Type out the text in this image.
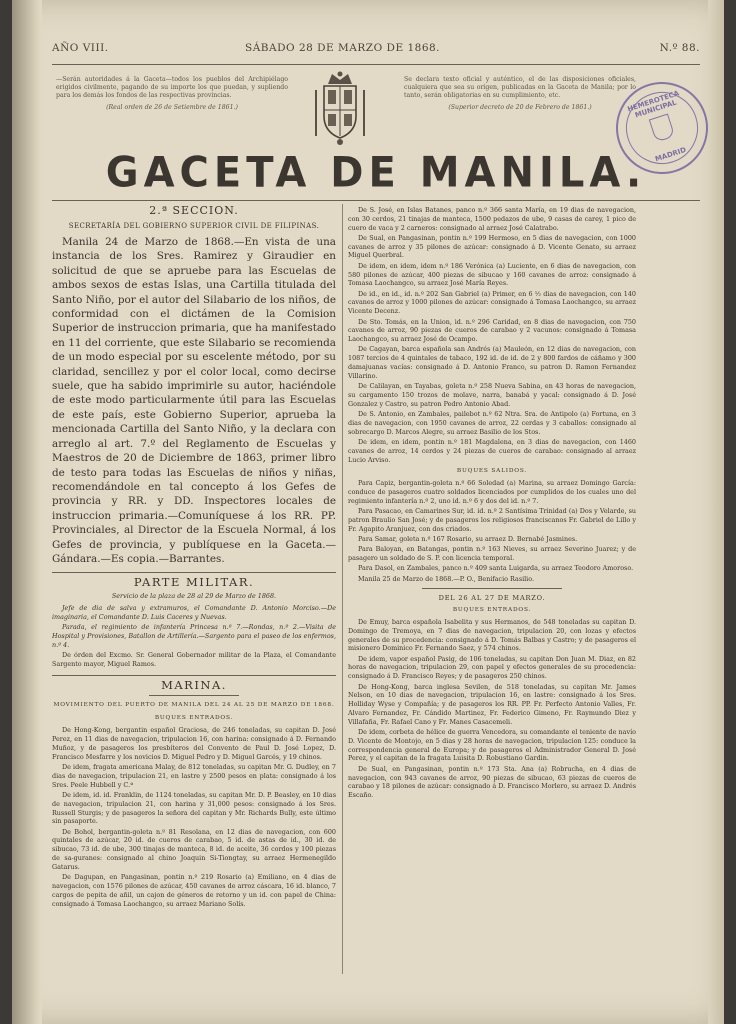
AÑO VIII.	SÁBADO 28 DE MARZO DE 1868.	N.º 88.
—Serán autoridades á la Gaceta—todos los pueblos del Archipiélago erigidos civilmente, pagando de su importe los que puedan, y supliendo para los demás los fondos de las respectivas provincias.
(Real orden de 26 de Setiembre de 1861.)
Se declara texto oficial y auténtico, el de las disposiciones oficiales, cualquiera que sea su orígen, publicadas en la Gaceta de Manila; por lo tanto, serán obligatorias en su cumplimiento, etc.
(Superior decreto de 20 de Febrero de 1861.)	HEMEROTECA MUNICIPAL
MADRID
GACETA DE MANILA.
2.ª SECCION.
SECRETARÍA DEL GOBIERNO SUPERIOR CIVIL DE FILIPINAS.
Manila 24 de Marzo de 1868.—En vista de una instancia de los Sres. Ramirez y Giraudier en solicitud de que se apruebe para las Escuelas de ambos sexos de estas Islas, una Cartilla titulada del Santo Niño, por el autor del Silabario de los niños, de conformidad con el dictámen de la Comision Superior de instruccion primaria, que ha manifestado en 11 del corriente, que este Silabario se recomienda de un modo especial por su escelente método, por su claridad, sencillez y por el color local, como decirse suele, que ha sabido imprimirle su autor, haciéndole de este modo particularmente útil para las Escuelas de este país, este Gobierno Superior, aprueba la mencionada Cartilla del Santo Niño, y la declara con arreglo al art. 7.º del Reglamento de Escuelas y Maestros de 20 de Diciembre de 1863, primer libro de testo para todas las Escuelas de niños y niñas, recomendándole en tal concepto á los Gefes de provincia y RR. y DD. Inspectores locales de instruccion primaria.—Comuníquese á los RR. PP. Provinciales, al Director de la Escuela Normal, á los Gefes de provincia, y publíquese en la Gaceta.—Gándara.—Es copia.—Barrantes.
PARTE MILITAR.
Servicio de la plaza de 28 al 29 de Marzo de 1868.
Jefe de dia de salva y extramuros, el Comandante D. Antonio Morciso.—De imaginaria, el Comandante D. Luis Caceres y Nuevas.
Parada, el regimiento de infantería Princesa n.º 7.—Rondas, n.º 2.—Visita de Hospital y Provisiones, Batallon de Artillería.—Sargento para el paseo de los enfermos, n.º 4.
De órden del Excmo. Sr. General Gobernador militar de la Plaza, el Comandante Sargento mayor, Miguel Ramos.
MARINA.
MOVIMIENTO DEL PUERTO DE MANILA DEL 24 AL 25 DE MARZO DE 1868.
BUQUES ENTRADOS.
De Hong-Kong, bergantin español Graciosa, de 246 toneladas, su capitan D. José Perez, en 11 dias de navegacion, tripulacion 16, con harina: consignado á D. Fernando Muñoz, y de pasageros los presbíteros del Convento de Paul D. José Lopez, D. Francisco Mesfarre y los novicios D. Miguel Pedro y D. Miguel Garcés, y 19 chinos.
De idem, fragata americana Malay, de 812 toneladas, su capitan Mr. G. Dudley, en 7 dias de navegacion, tripulacion 21, en lastre y 2500 pesos en plata: consignado á los Sres. Peele Hubbell y C.ª
De idem, id. id. Franklin, de 1124 toneladas, su capitan Mr. D. P. Beasley, en 10 dias de navegacion, tripulacion 21, con harina y 31,000 pesos: consignado á los Sres. Russell Sturgis; y de pasageros la señora del capitan y Mr. Richards Bully, este último sin pasaporte.
De Bohol, bergantin-goleta n.º 81 Resolana, en 12 dias de navegacion, con 600 quintales de azúcar, 20 id. de cueros de carabao, 5 id. de astas de id., 30 id. de sibucao, 73 id. de ube, 300 tinajas de manteca, 8 id. de aceite, 36 cordos y 100 piezas de sa-guranes: consignado al chino Joaquin Si-Tiongtay, su arraez Hermenegildo Gatarus.
De Dagupan, en Pangasinan, pontin n.º 219 Rosario (a) Emiliano, en 4 dias de navegacion, con 1576 pilones de azúcar, 450 cavanes de arroz cáscara, 16 id. blanco, 7 cargos de pepita de añil, un cajon de géneros de retorno y un id. con papel de China: consignado á Tomasa Laochangco, su arraez Mariano Solís.
De S. José, en Islas Batanes, panco n.º 366 santa María, en 19 dias de navegacion, con 30 cerdos, 21 tinajas de manteca, 1500 pedazos de ube, 9 casas de carey, 1 pico de cuero de vaca y 2 carneros: consignado al arraez José Calatrabo.
De Sual, en Pangasinan, pontin n.º 199 Hermoso, en 5 dias de navegacion, con 1000 cavanes de arroz y 35 pilones de azúcar: consignado á D. Vicente Genato, su arraez Miguel Querbral.
De idem, en idem, idem n.º 186 Verónica (a) Luciente, en 6 dias de navegacion, con 580 pilones de azúcar, 400 piezas de sibucao y 160 cavanes de arroz: consignado á Tomasa Laochangco, su arraez José María Reyes.
De id., en id., id. n.º 202 San Gabriel (a) Primer, en 6 ½ dias de navegacion, con 140 cavanes de arroz y 1000 pilones de azúcar: consignado á Tomasa Laochangco, su arraez Vicente Decenz.
De Sto. Tomás, en la Union, id. n.º 296 Caridad, en 8 dias de navegacion, con 750 cavanes de arroz, 90 piezas de cueros de carabao y 2 vacunos: consignado á Tomasa Laochangco, su arraez José de Ocampo.
De Cagayan, barca española san Andrés (a) Mauleón, en 12 dias de navegacion, con 1087 tercios de 4 quintales de tabaco, 192 id. de id. de 2 y 800 fardos de cáñamo y 300 damajuanas vacías: consignado á D. Antonio Franco, su patron D. Ramon Fernandez Villarino.
De Calilayan, en Tayabas, goleta n.º 258 Nueva Sabina, en 43 horas de navegacion, su cargamento 150 trozos de molave, narra, banabá y yacal: consignado á D. José Gonzalez y Castro, su patron Pedro Antonio Abad.
De S. Antonio, en Zambales, pailebot n.º 62 Ntra. Sra. de Antipolo (a) Fortuna, en 3 dias de navegacion, con 1950 cavanes de arroz, 22 cerdas y 3 caballos: consignado al sobrecargo D. Marcos Alegre, su arraez Basilio de los Stos.
De idem, en idem, pontin n.º 181 Magdalena, en 3 dias de navegacion, con 1460 cavanes de arroz, 14 cerdos y 24 piezas de cueros de carabao: consignado al arraez Lucio Arviso.
BUQUES SALIDOS.
Para Capiz, bergantin-goleta n.º 66 Soledad (a) Marina, su arraez Domingo García: conduce de pasageros cuatro soldados licenciados por cumplidos de los cuales uno del regimiento infantería n.º 2, uno id. n.º 6 y dos del id. n.º 7.
Para Pasacao, en Camarines Sur, id. id. n.º 2 Santísima Trinidad (a) Dos y Velarde, su patron Braulio San José; y de pasageros los religiosos franciscanos Fr. Gabriel de Lillo y Fr. Agapito Aranjuez, con dos criados.
Para Samar, goleta n.º 167 Rosario, su arraez D. Bernabé Jasmines.
Para Baloyan, en Batangas, pontin n.º 163 Nieves, su arraez Severino Juarez; y de pasagero un soldado de S. P. con licencia temporal.
Para Dasol, en Zambales, panco n.º 409 santa Luigarda, su arraez Teodoro Amoroso.
Manila 25 de Marzo de 1868.—P. O., Benifacio Rasilio.
DEL 26 AL 27 DE MARZO.
BUQUES ENTRADOS.
De Emuy, barca española Isabelita y sus Hermanos, de 548 toneladas su capitan D. Domingo de Tremoya, en 7 dias de navegacion, tripulacion 20, con lozas y efectos generales de su procedencia: consignado á D. Tomás Balbas y Castro; y de pasageros el misionero Dominico Fr. Fernando Saez, y 574 chinos.
De idem, vapor español Pasig, de 106 toneladas, su capitan Don Juan M. Diaz, en 82 horas de navegacion, tripulacion 29, con papel y efectos generales de su procedencia: consignado á D. Francisco Reyes; y de pasageros 250 chinos.
De Hong-Kong, barca inglesa Sevilen, de 518 toneladas, su capitan Mr. James Nelson, en 10 dias de navegacion, tripulacion 16, en lastre: consignado á los Sres. Holliday Wyse y Compañía; y de pasageros los RR. PP. Fr. Perfecto Antonio Valles, Fr. Alvaro Fernandez, Fr. Cándido Martinez, Fr. Federico Gimeno, Fr. Raymundo Diez y Villafaña, Fr. Rafael Cano y Fr. Manes Casacemeli.
De idem, corbeta de hélice de guerra Vencedora, su comandante el teniente de navío D. Vicente de Montojo, en 5 dias y 28 horas de navegacion, tripulacion 125: conduce la correspondencia general de Europa; y de pasageros el Administrador General D. José Perez, y el capitan de la fragata Luisita D. Robustiano Gardin.
De Sual, en Pangasinan, pontin n.º 173 Sta. Ana (a) Robrucha, en 4 dias de navegacion, con 943 cavanes de arroz, 90 piezas de sibucao, 63 piezas de cueros de carabao y 18 pilones de azúcar: consignado á D. Francisco Morlero, su arraez D. Andrés Escaño.
